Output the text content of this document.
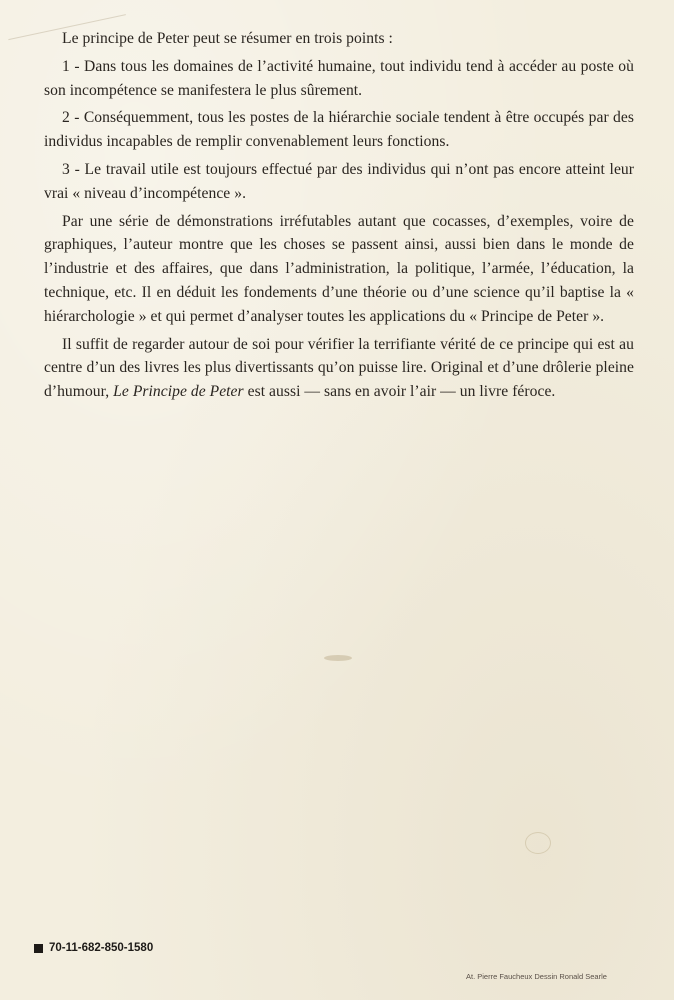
Le principe de Peter peut se résumer en trois points :

1 - Dans tous les domaines de l’activité humaine, tout individu tend à accéder au poste où son incompétence se manifestera le plus sûrement.

2 - Conséquemment, tous les postes de la hiérarchie sociale tendent à être occupés par des individus incapables de remplir convenablement leurs fonctions.

3 - Le travail utile est toujours effectué par des individus qui n’ont pas encore atteint leur vrai « niveau d’incompétence ».

Par une série de démonstrations irréfutables autant que cocasses, d’exemples, voire de graphiques, l’auteur montre que les choses se passent ainsi, aussi bien dans le monde de l’industrie et des affaires, que dans l’administration, la politique, l’armée, l’éducation, la technique, etc. Il en déduit les fondements d’une théorie ou d’une science qu’il baptise la « hiérarchologie » et qui permet d’analyser toutes les applications du « Principe de Peter ».

Il suffit de regarder autour de soi pour vérifier la terrifiante vérité de ce principe qui est au centre d’un des livres les plus divertissants qu’on puisse lire. Original et d’une drôlerie pleine d’humour, Le Principe de Peter est aussi — sans en avoir l’air — un livre féroce.

70-11-682-850-1580
At. Pierre Faucheux Dessin Ronald Searle
